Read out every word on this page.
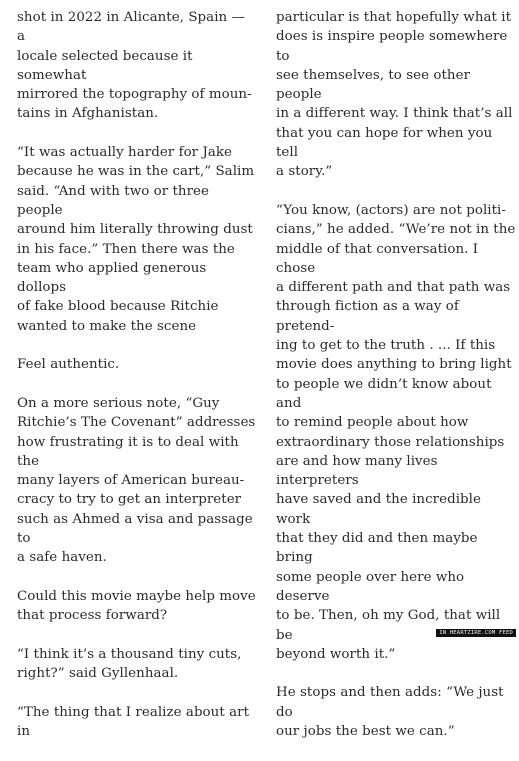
shot in 2022 in Alicante, Spain — a
locale selected because it somewhat
mirrored the topography of moun-
tains in Afghanistan.

“It was actually harder for Jake
because he was in the cart,” Salim
said. “And with two or three people
around him literally throwing dust
in his face.” Then there was the
team who applied generous dollops
of fake blood because Ritchie
wanted to make the scene

Feel authentic.

On a more serious note, “Guy
Ritchie’s The Covenant” addresses
how frustrating it is to deal with the
many layers of American bureau-
cracy to try to get an interpreter
such as Ahmed a visa and passage to
a safe haven.

Could this movie maybe help move
that process forward?

“I think it’s a thousand tiny cuts,
right?” said Gyllenhaal.

“The thing that I realize about art in

particular is that hopefully what it
does is inspire people somewhere to
see themselves, to see other people
in a different way. I think that’s all
that you can hope for when you tell
a story.”

“You know, (actors) are not politi-
cians,” he added. “We’re not in the
middle of that conversation. I chose
a different path and that path was
through fiction as a way of pretend-
ing to get to the truth . ... If this
movie does anything to bring light
to people we didn’t know about and
to remind people about how
extraordinary those relationships
are and how many lives interpreters
have saved and the incredible work
that they did and then maybe bring
some people over here who deserve
to be. Then, oh my God, that will be
beyond worth it.”

He stops and then adds: “We just do
our jobs the best we can.”

IN HEARTZIRE.COM FEED
